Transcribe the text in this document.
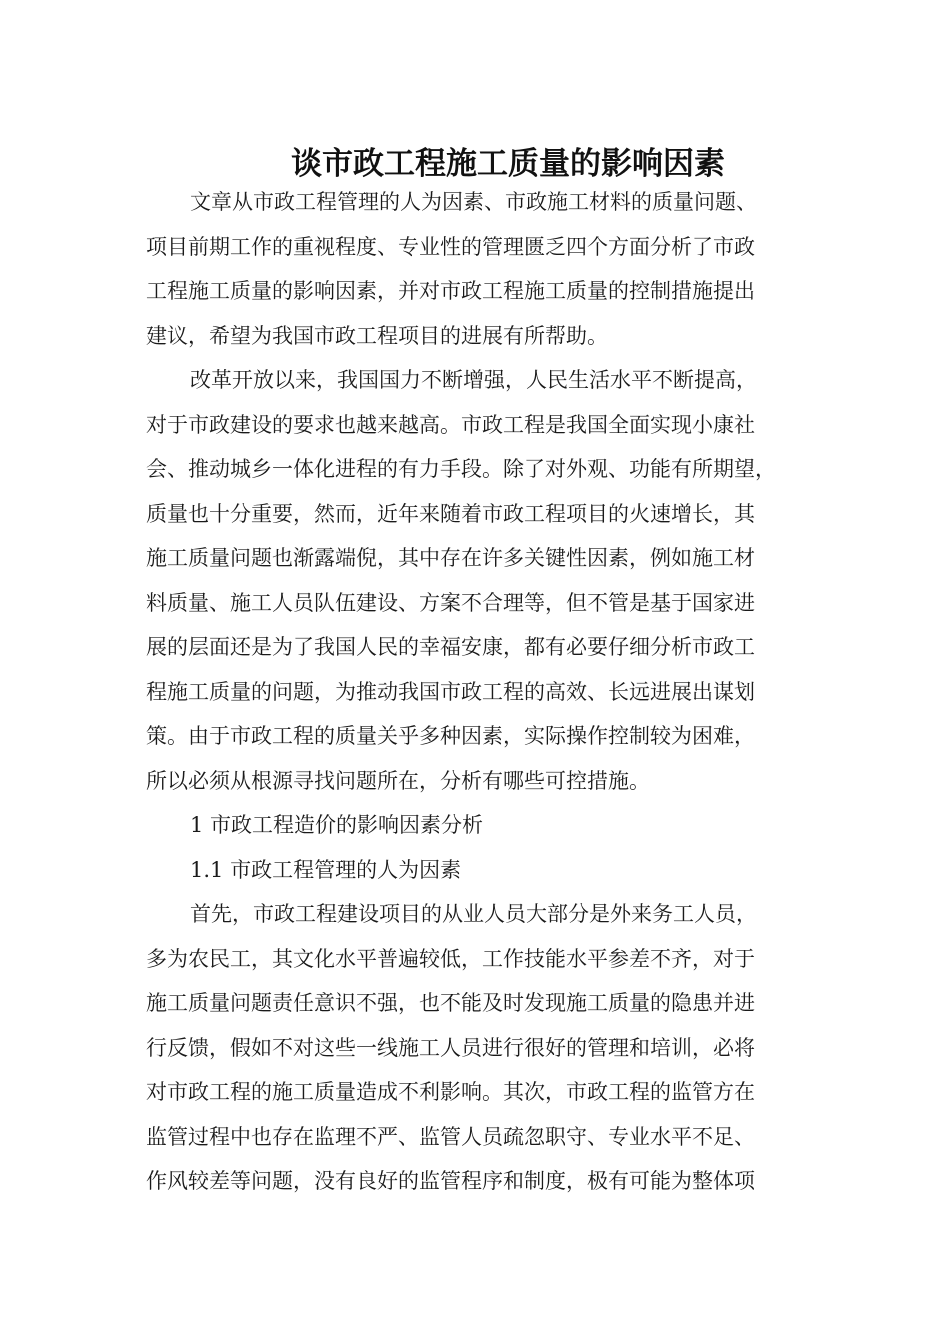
谈市政工程施工质量的影响因素

文章从市政工程管理的人为因素、市政施工材料的质量问题、
项目前期工作的重视程度、专业性的管理匮乏四个方面分析了市政
工程施工质量的影响因素，并对市政工程施工质量的控制措施提出
建议，希望为我国市政工程项目的进展有所帮助。

改革开放以来，我国国力不断增强，人民生活水平不断提高，
对于市政建设的要求也越来越高。市政工程是我国全面实现小康社
会、推动城乡一体化进程的有力手段。除了对外观、功能有所期望，
质量也十分重要，然而，近年来随着市政工程项目的火速增长，其
施工质量问题也渐露端倪，其中存在许多关键性因素，例如施工材
料质量、施工人员队伍建设、方案不合理等，但不管是基于国家进
展的层面还是为了我国人民的幸福安康，都有必要仔细分析市政工
程施工质量的问题，为推动我国市政工程的高效、长远进展出谋划
策。由于市政工程的质量关乎多种因素，实际操作控制较为困难，
所以必须从根源寻找问题所在，分析有哪些可控措施。

1 市政工程造价的影响因素分析

1.1 市政工程管理的人为因素

首先，市政工程建设项目的从业人员大部分是外来务工人员，
多为农民工，其文化水平普遍较低，工作技能水平参差不齐，对于
施工质量问题责任意识不强，也不能及时发现施工质量的隐患并进
行反馈，假如不对这些一线施工人员进行很好的管理和培训，必将
对市政工程的施工质量造成不利影响。其次，市政工程的监管方在
监管过程中也存在监理不严、监管人员疏忽职守、专业水平不足、
作风较差等问题，没有良好的监管程序和制度，极有可能为整体项
